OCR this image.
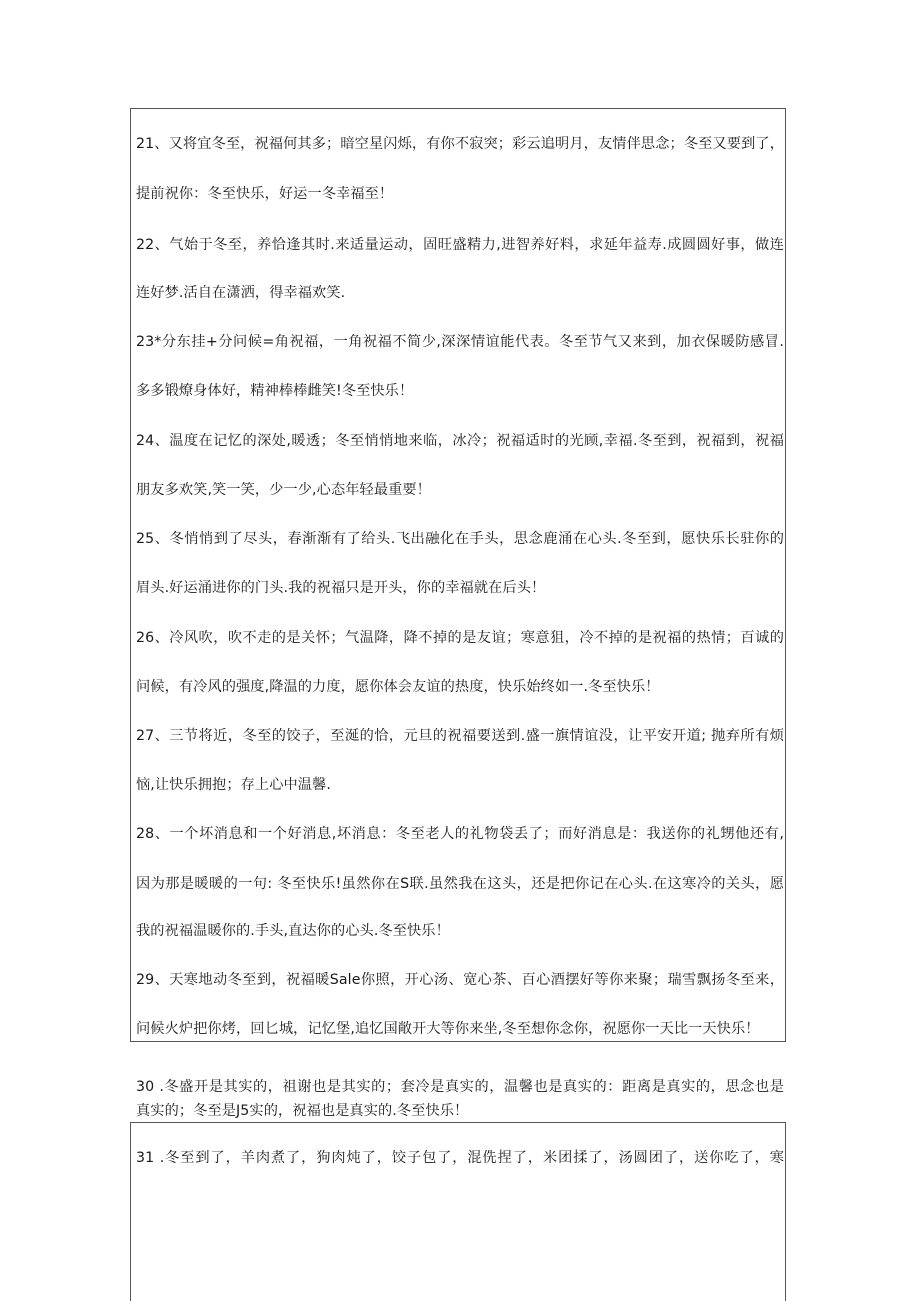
21、又将宜冬至，祝福何其多；暗空星闪烁，有你不寂突；彩云追明月，友情伴思念；冬至又要到了，
提前祝你：冬至快乐，好运一冬幸福至！
22、气始于冬至，养恰逢其时.来适量运动，固旺盛精力,进智养好料，求延年益寿.成圆圆好事，做连
连好梦.活自在潇洒，得幸福欢笑.
23*分东挂+分问候=角祝福，一角祝福不简少,深深情谊能代表。冬至节气又来到，加衣保暖防感冒.
多多锻燎身体好，精神棒棒雌笑!冬至快乐！
24、温度在记忆的深处,暖透；冬至悄悄地来临，冰冷；祝福适时的光顾,幸福.冬至到，祝福到，祝福
朋友多欢笑,笑一笑，少一少,心态年轻最重要！
25、冬悄悄到了尽头，春渐渐有了给头.飞出融化在手头，思念鹿涌在心头.冬至到，愿快乐长驻你的
眉头.好运涌进你的门头.我的祝福只是开头，你的幸福就在后头！
26、冷风吹，吹不走的是关怀；气温降，降不掉的是友谊；寒意狙，冷不掉的是祝福的热情；百诚的
问候，有冷风的强度,降温的力度，愿你体会友谊的热度，快乐始终如一.冬至快乐！
27、三节将近，冬至的饺子，至涎的恰，元旦的祝福要送到.盛一旗情谊没，让平安开道; 抛弃所有烦
恼,让快乐拥抱；存上心中温馨.
28、一个坏消息和一个好消息,坏消息：冬至老人的礼物袋丢了；而好消息是：我送你的礼甥他还有,
因为那是暖暖的一句: 冬至快乐!虽然你在S联.虽然我在这头，还是把你记在心头.在这寒冷的关头，愿
我的祝福温暖你的.手头,直达你的心头.冬至快乐！
29、天寒地动冬至到，祝福暖Sale你照，开心汤、宽心茶、百心酒摆好等你来聚；瑞雪飘扬冬至来，
问候火炉把你烤，回匕城，记忆堡,追忆国敞开大等你来坐,冬至想你念你，祝愿你一天比一天快乐！
30 .冬盛开是其实的，祖谢也是其实的；套冷是真实的，温馨也是真实的：距离是真实的，思念也是
真实的；冬至是J5实的，祝福也是真实的.冬至快乐！
31 .冬至到了，羊肉煮了，狗肉炖了，饺子包了，混侁捏了，米团揉了，汤圆团了，送你吃了，寒
